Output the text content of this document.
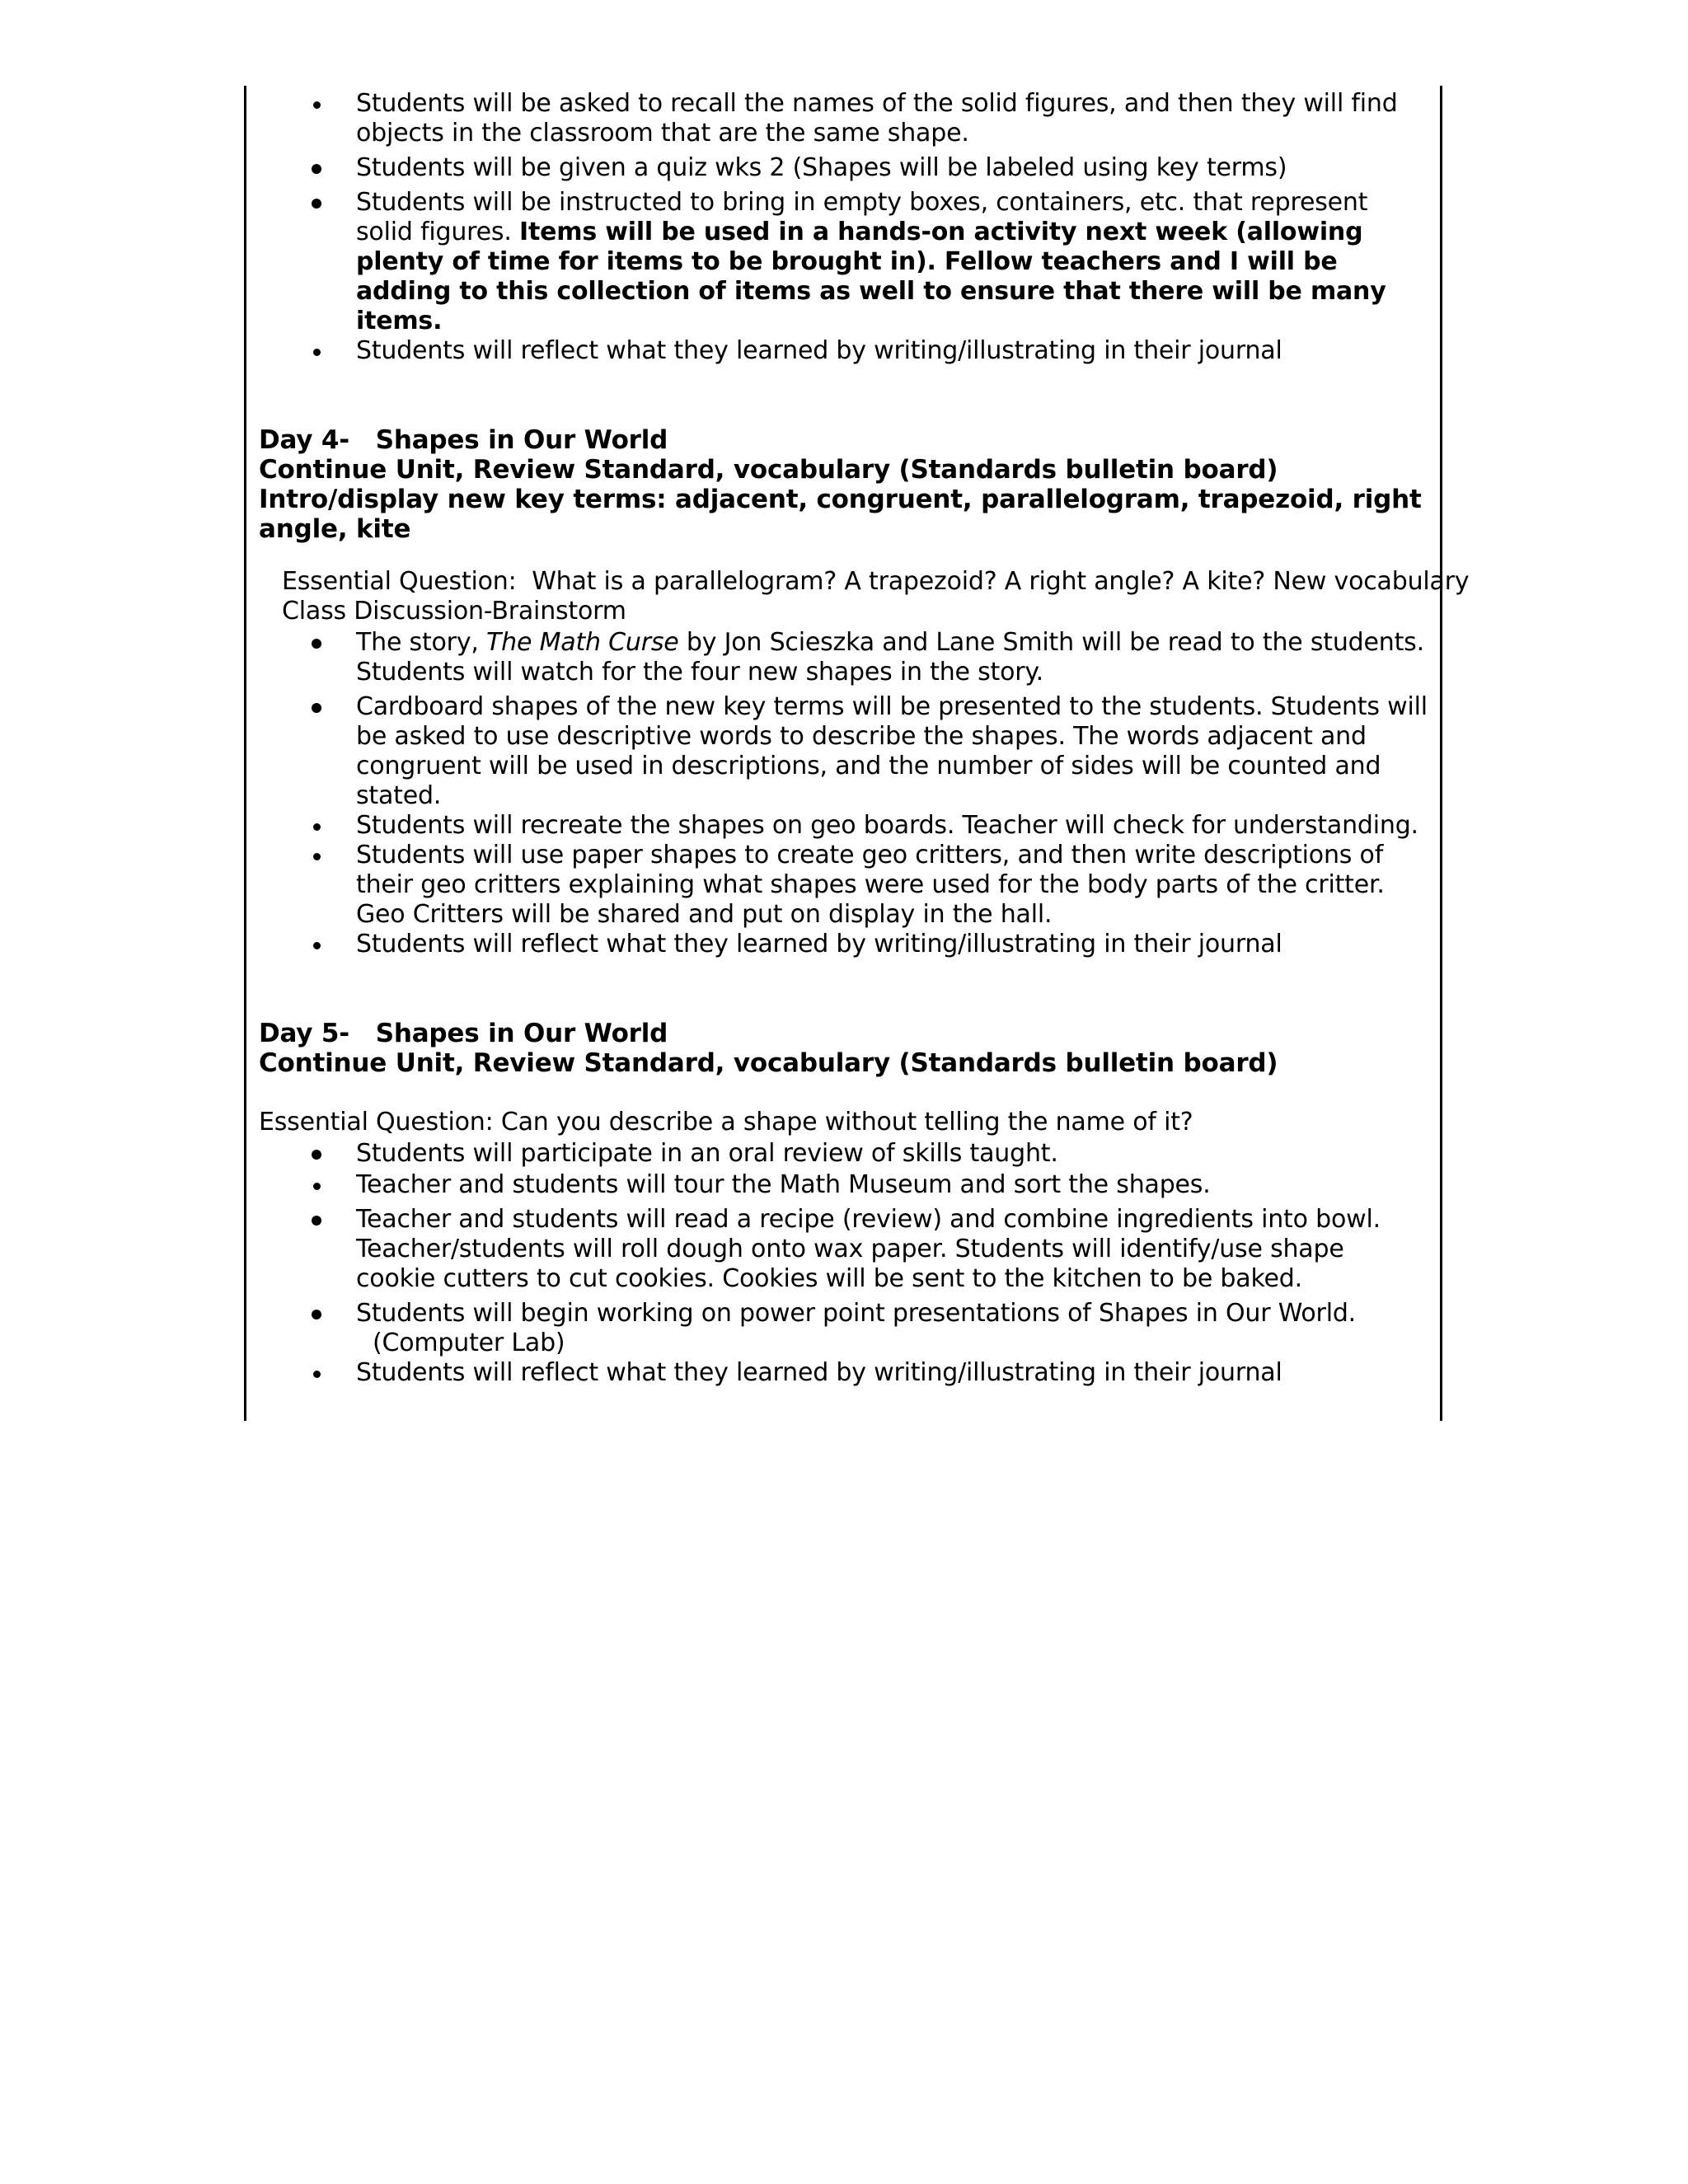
Students will be asked to recall the names of the solid figures, and then they will find objects in the classroom that are the same shape.
Students will be given a quiz wks 2 (Shapes will be labeled using key terms)
Students will be instructed to bring in empty boxes, containers, etc. that represent solid figures. Items will be used in a hands-on activity next week (allowing plenty of time for items to be brought in). Fellow teachers and I will be adding to this collection of items as well to ensure that there will be many items.
Students will reflect what they learned by writing/illustrating in their journal
Day 4-   Shapes in Our World
Continue Unit, Review Standard, vocabulary (Standards bulletin board)
Intro/display new key terms: adjacent, congruent, parallelogram, trapezoid, right angle, kite
Essential Question:  What is a parallelogram? A trapezoid? A right angle? A kite? New vocabulary
Class Discussion-Brainstorm
The story, The Math Curse by Jon Scieszka and Lane Smith will be read to the students. Students will watch for the four new shapes in the story.
Cardboard shapes of the new key terms will be presented to the students. Students will be asked to use descriptive words to describe the shapes. The words adjacent and congruent will be used in descriptions, and the number of sides will be counted and stated.
Students will recreate the shapes on geo boards. Teacher will check for understanding.
Students will use paper shapes to create geo critters, and then write descriptions of their geo critters explaining what shapes were used for the body parts of the critter. Geo Critters will be shared and put on display in the hall.
Students will reflect what they learned by writing/illustrating in their journal
Day 5-   Shapes in Our World
Continue Unit, Review Standard, vocabulary (Standards bulletin board)
Essential Question: Can you describe a shape without telling the name of it?
Students will participate in an oral review of skills taught.
Teacher and students will tour the Math Museum and sort the shapes.
Teacher and students will read a recipe (review) and combine ingredients into bowl. Teacher/students will roll dough onto wax paper. Students will identify/use shape cookie cutters to cut cookies. Cookies will be sent to the kitchen to be baked.
Students will begin working on power point presentations of Shapes in Our World.
(Computer Lab)
Students will reflect what they learned by writing/illustrating in their journal
